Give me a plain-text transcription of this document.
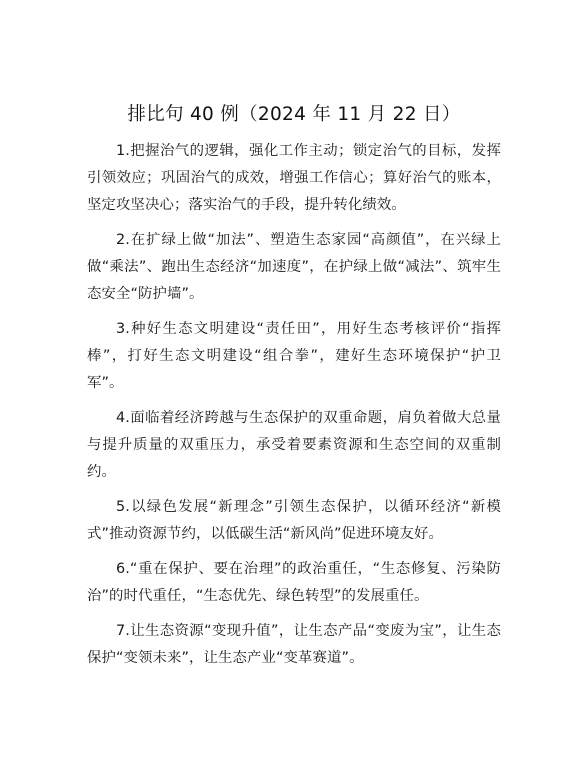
排比句 40 例（2024 年 11 月 22 日）

1.把握治气的逻辑，强化工作主动；锁定治气的目标，发挥引领效应；巩固治气的成效，增强工作信心；算好治气的账本，坚定攻坚决心；落实治气的手段，提升转化绩效。

2.在扩绿上做“加法”、塑造生态家园“高颜值”，在兴绿上做“乘法”、跑出生态经济“加速度”，在护绿上做“减法”、筑牢生态安全“防护墙”。

3.种好生态文明建设“责任田”，用好生态考核评价“指挥棒”，打好生态文明建设“组合拳”，建好生态环境保护“护卫军”。

4.面临着经济跨越与生态保护的双重命题，肩负着做大总量与提升质量的双重压力，承受着要素资源和生态空间的双重制约。

5.以绿色发展“新理念”引领生态保护，以循环经济“新模式”推动资源节约，以低碳生活“新风尚”促进环境友好。

6.“重在保护、要在治理”的政治重任，“生态修复、污染防治”的时代重任，“生态优先、绿色转型”的发展重任。

7.让生态资源“变现升值”，让生态产品“变废为宝”，让生态保护“变领未来”，让生态产业“变革赛道”。
